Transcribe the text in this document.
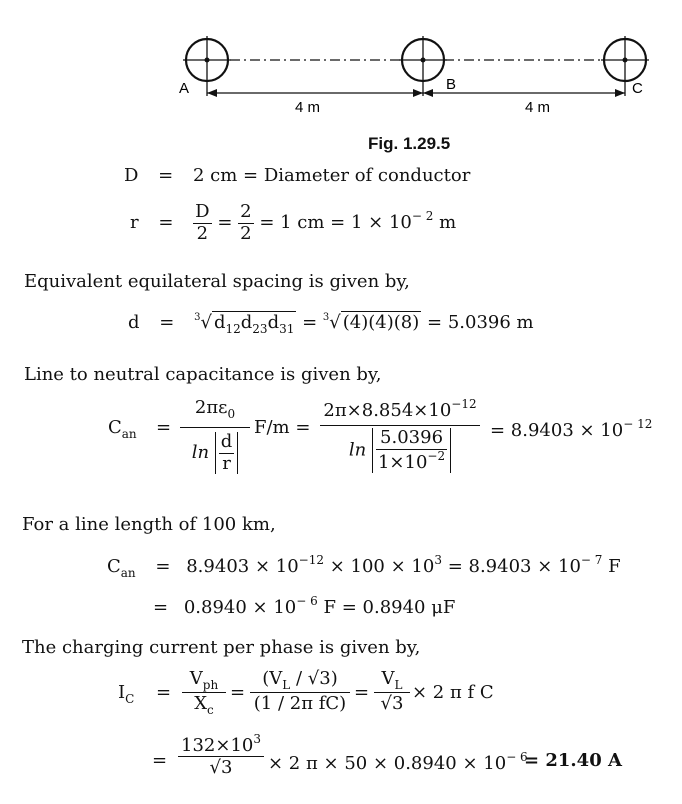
A	B	C
4 m	4 m
Fig. 1.29.5
D = 2 cm = Diameter of conductor
$r = \frac{D}{2} = \frac{2}{2} = 1$ cm = $1 \times 10^{- 2}$ m
Equivalent equilateral spacing is given by,
d = $^3$√ $d_{12}d_{23}d_{31} = ^3√$ (4)(4)(8) = 5.0396 m
Line to neutral capacitance is given by,
$C_{an}$ =
$2\pi\varepsilon_0$
$\ln \frac{d}{r}$
F/m =
$2\pi\times 8.854\times 10^{-12}$
$\ln \frac{5.0396}{1\times 10^{-2}} = 8.9403 \times 10^{- 12}$
For a line length of 100 km,
$C_{an} = 8.9403 \times 10^{-12} \times 100 \times 10^3 = 8.9403 \times 10^{- 7}$ F
= $0.8940 \times 10^{- 6}$ F = 0.8940 μF
The charging current per phase is given by,
$I_C$ =
$V_{ph}$
$X_c$
=
$(V_L / √3)$
(1 / 2π fC)
=
$V_L$
√3
× 2 π f C
=
$132\times 10^3$
√3	× 2 $\pi \times 50 \times 0.8940 \times 10^{- 6}$
= 21.40 A
